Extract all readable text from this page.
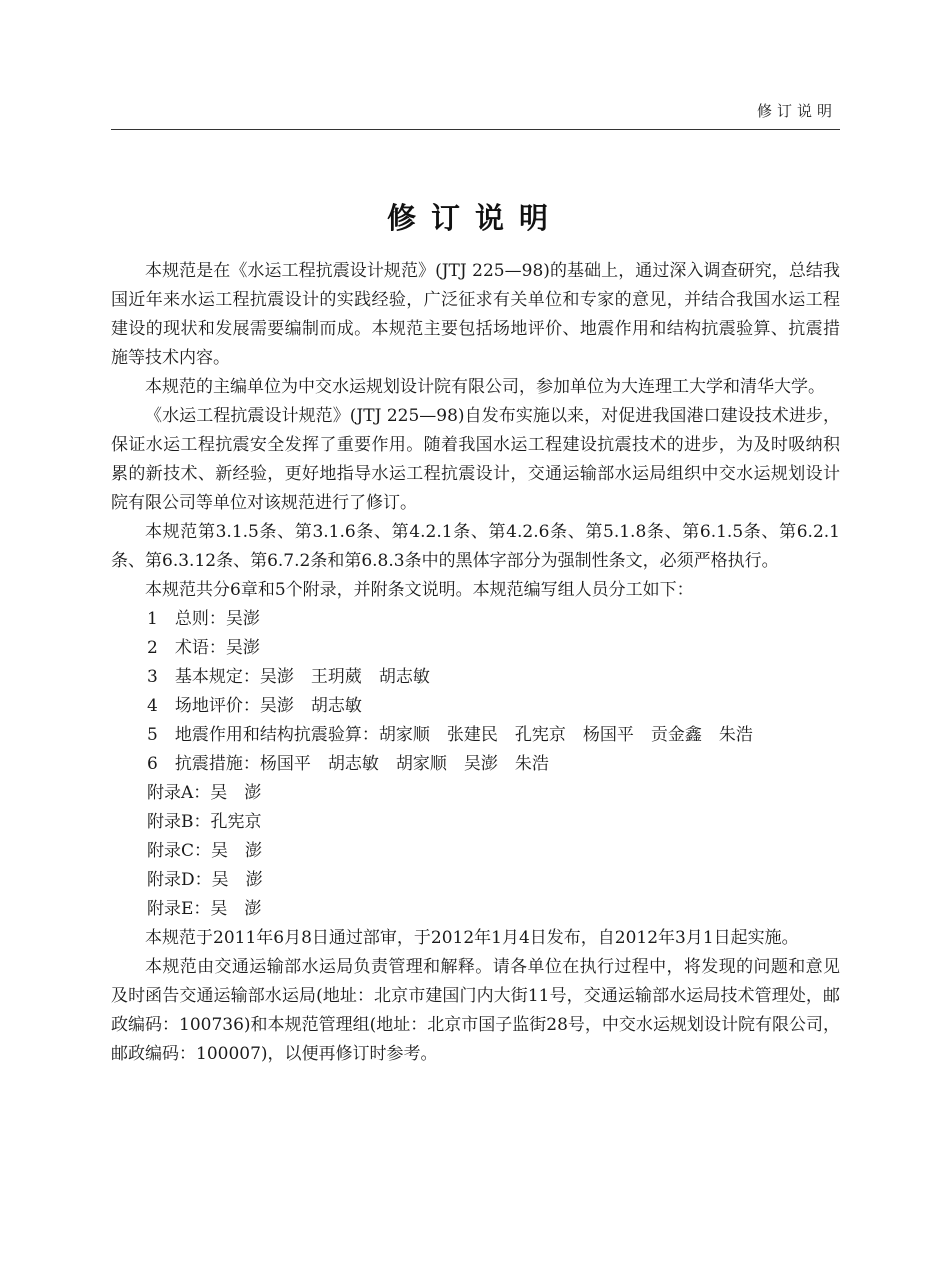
修订说明
修订说明

本规范是在《水运工程抗震设计规范》(JTJ 225—98)的基础上，通过深入调查研究，总结我国近年来水运工程抗震设计的实践经验，广泛征求有关单位和专家的意见，并结合我国水运工程建设的现状和发展需要编制而成。本规范主要包括场地评价、地震作用和结构抗震验算、抗震措施等技术内容。

本规范的主编单位为中交水运规划设计院有限公司，参加单位为大连理工大学和清华大学。

《水运工程抗震设计规范》(JTJ 225—98)自发布实施以来，对促进我国港口建设技术进步，保证水运工程抗震安全发挥了重要作用。随着我国水运工程建设抗震技术的进步，为及时吸纳积累的新技术、新经验，更好地指导水运工程抗震设计，交通运输部水运局组织中交水运规划设计院有限公司等单位对该规范进行了修订。

本规范第3.1.5条、第3.1.6条、第4.2.1条、第4.2.6条、第5.1.8条、第6.1.5条、第6.2.1条、第6.3.12条、第6.7.2条和第6.8.3条中的黑体字部分为强制性条文，必须严格执行。

本规范共分6章和5个附录，并附条文说明。本规范编写组人员分工如下：

1　总则：吴澎
2　术语：吴澎
3　基本规定：吴澎　王玥葳　胡志敏
4　场地评价：吴澎　胡志敏
5　地震作用和结构抗震验算：胡家顺　张建民　孔宪京　杨国平　贡金鑫　朱浩
6　抗震措施：杨国平　胡志敏　胡家顺　吴澎　朱浩
附录A：吴　澎
附录B：孔宪京
附录C：吴　澎
附录D：吴　澎
附录E：吴　澎

本规范于2011年6月8日通过部审，于2012年1月4日发布，自2012年3月1日起实施。

本规范由交通运输部水运局负责管理和解释。请各单位在执行过程中，将发现的问题和意见及时函告交通运输部水运局(地址：北京市建国门内大街11号，交通运输部水运局技术管理处，邮政编码：100736)和本规范管理组(地址：北京市国子监街28号，中交水运规划设计院有限公司，邮政编码：100007)，以便再修订时参考。
